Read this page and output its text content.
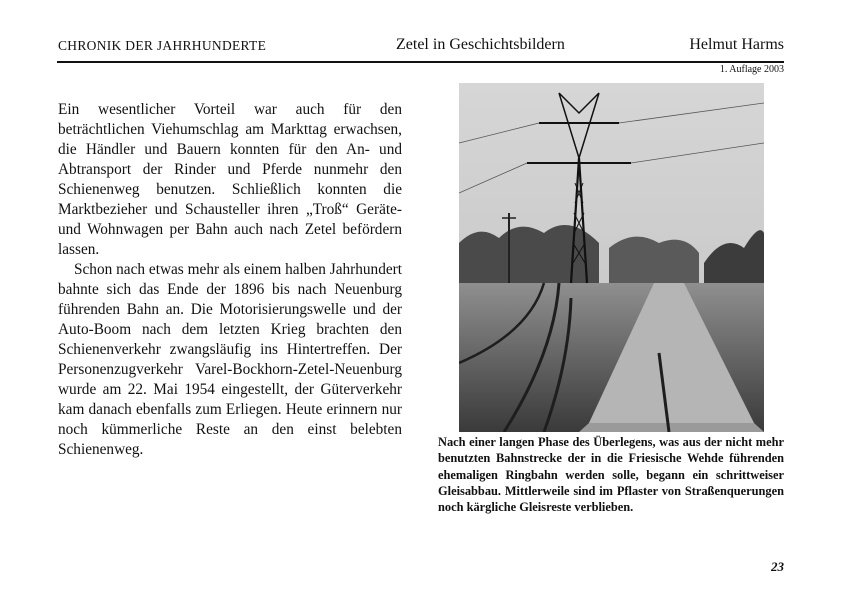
CHRONIK DER JAHRHUNDERTE	Zetel in Geschichtsbildern	Helmut Harms
1. Auflage 2003

Ein wesentlicher Vorteil war auch für den beträchtlichen Viehumschlag am Markttag erwachsen, die Händler und Bauern konnten für den An- und Abtransport der Rinder und Pferde nunmehr den Schienenweg benutzen. Schließlich konnten die Marktbezieher und Schausteller ihren „Troß“ Geräte- und Wohnwagen per Bahn auch nach Zetel befördern lassen.

Schon nach etwas mehr als einem halben Jahrhundert bahnte sich das Ende der 1896 bis nach Neuenburg führenden Bahn an. Die Motorisierungswelle und der Auto-Boom nach dem letzten Krieg brachten den Schienenverkehr zwangsläufig ins Hintertreffen. Der Personenzugverkehr Varel-Bockhorn-Zetel-Neuenburg wurde am 22. Mai 1954 eingestellt, der Güterverkehr kam danach ebenfalls zum Erliegen. Heute erinnern nur noch kümmerliche Reste an den einst belebten Schienenweg.	Nach einer langen Phase des Überlegens, was aus der nicht mehr benutzten Bahnstrecke der in die Friesische Wehde führenden ehemaligen Ringbahn werden solle, begann ein schrittweiser Gleisabbau. Mittlerweile sind im Pflaster von Straßenquerungen noch kärgliche Gleisreste verblieben.
23
